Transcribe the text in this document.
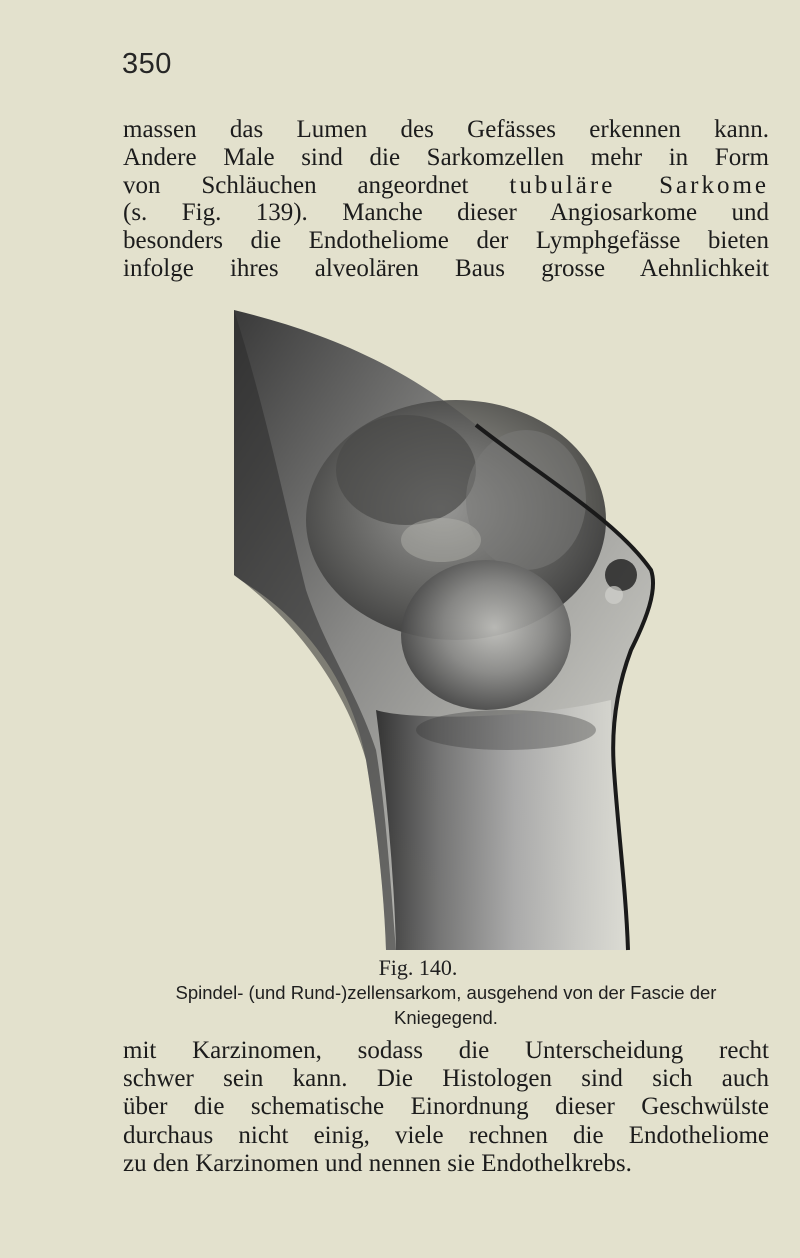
350
massen das Lumen des Gefässes erkennen kann.
Andere Male sind die Sarkomzellen mehr in Form
von Schläuchen angeordnet tubuläre Sarkome
(s. Fig. 139). Manche dieser Angiosarkome und
besonders die Endotheliome der Lymphgefässe bieten
infolge ihres alveolären Baus grosse Aehnlichkeit
Fig. 140.
Spindel- (und Rund-)zellensarkom, ausgehend von der Fascie der
Kniegegend.
mit Karzinomen, sodass die Unterscheidung recht
schwer sein kann. Die Histologen sind sich auch
über die schematische Einordnung dieser Geschwülste
durchaus nicht einig, viele rechnen die Endotheliome
zu den Karzinomen und nennen sie Endothelkrebs.
